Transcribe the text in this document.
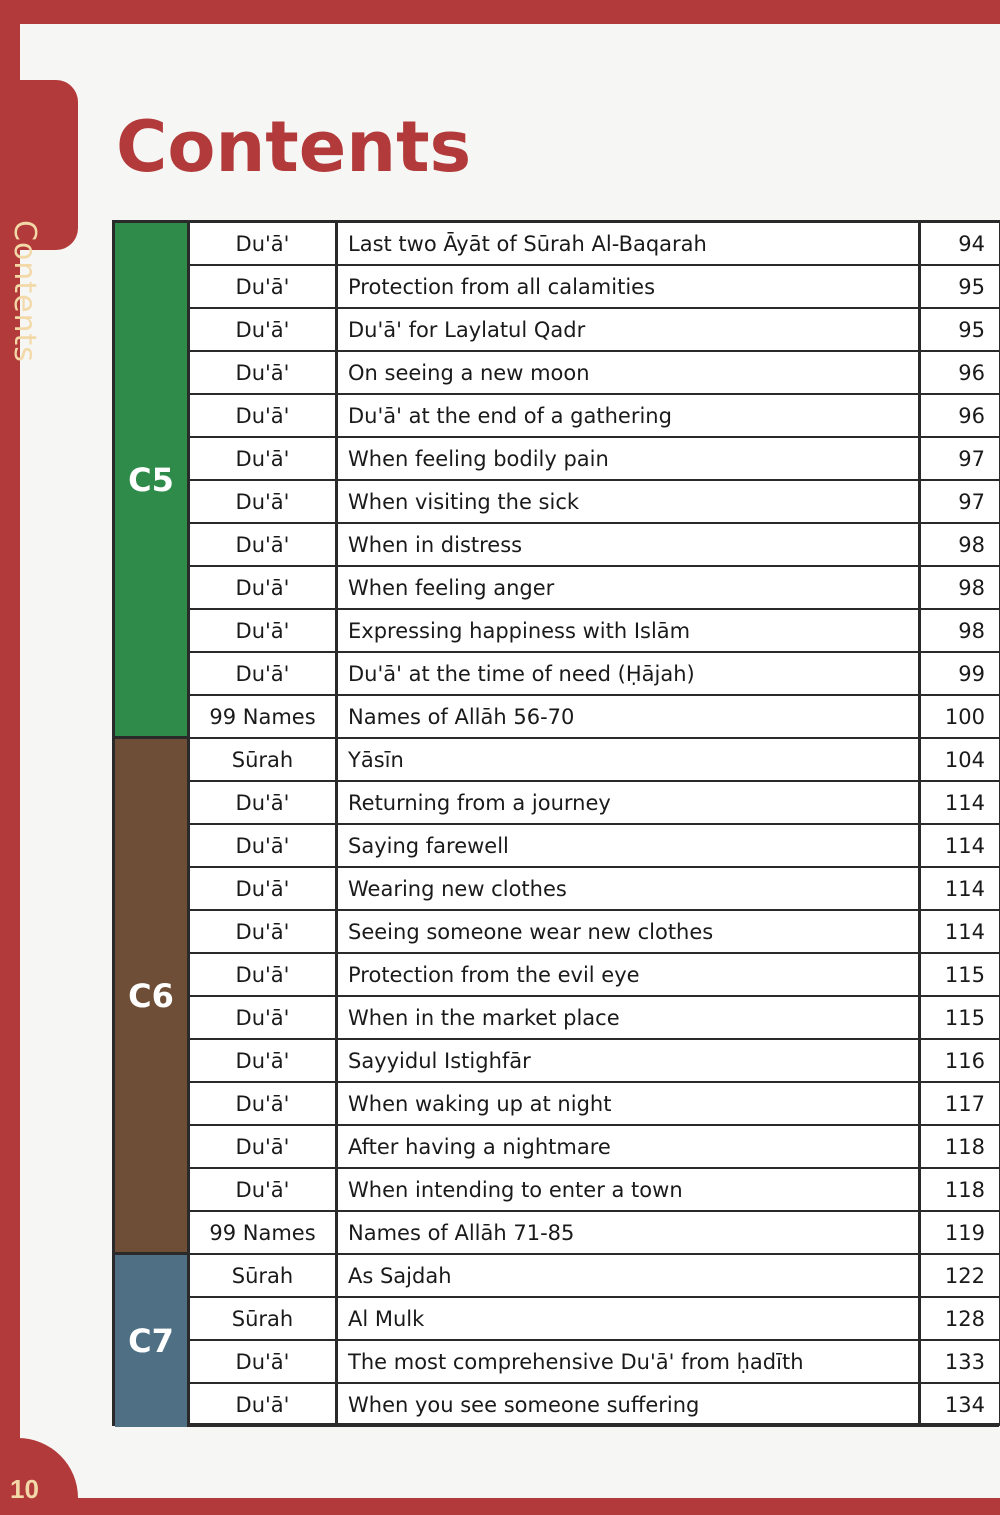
Contents
Contents
Du'ā'	Last two Āyāt of Sūrah Al-Baqarah	94
Du'ā'	Protection from all calamities	95
Du'ā'	Du'ā' for Laylatul Qadr	95
Du'ā'	On seeing a new moon	96
Du'ā'	Du'ā' at the end of a gathering	96
Du'ā'	When feeling bodily pain	97
Du'ā'	When visiting the sick	97
Du'ā'	When in distress	98
Du'ā'	When feeling anger	98
Du'ā'	Expressing happiness with Islām	98
Du'ā'	Du'ā' at the time of need (Ḥājah)	99
99 Names	Names of Allāh 56-70	100
C5
Sūrah	Yāsīn	104
Du'ā'	Returning from a journey	114
Du'ā'	Saying farewell	114
Du'ā'	Wearing new clothes	114
Du'ā'	Seeing someone wear new clothes	114
Du'ā'	Protection from the evil eye	115
Du'ā'	When in the market place	115
Du'ā'	Sayyidul Istighfār	116
Du'ā'	When waking up at night	117
Du'ā'	After having a nightmare	118
Du'ā'	When intending to enter a town	118
99 Names	Names of Allāh 71-85	119
C6
Sūrah	As Sajdah	122
Sūrah	Al Mulk	128
Du'ā'	The most comprehensive Du'ā' from ḥadīth	133
Du'ā'	When you see someone suffering	134
C7
10
